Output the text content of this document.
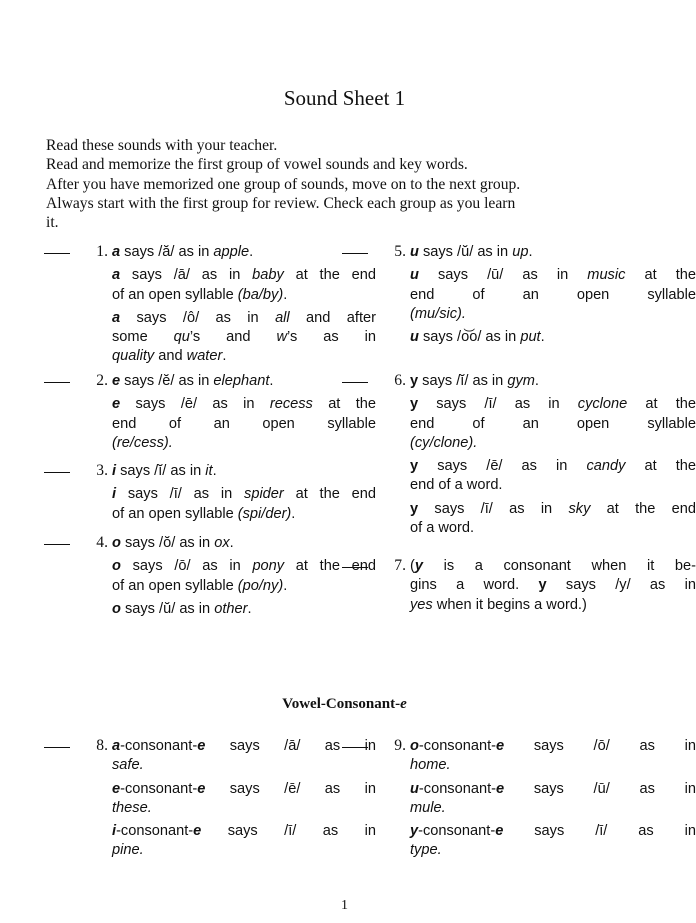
Sound Sheet 1
Read these sounds with your teacher.
Read and memorize the first group of vowel sounds and key words.
After you have memorized one group of sounds, move on to the next group.
Always start with the first group for review. Check each group as you learn
it.
Vowel-Consonant-e
1
1. a says /ă/ as in apple.
a says /ā/ as in baby at the end
of an open syllable (ba/by).
a says /ô/ as in all and after
some qu’s and w’s as in
quality and water.
2. e says /ĕ/ as in elephant.
e says /ē/ as in recess at the
end of an open syllable
(re/cess).
3. i says /ĭ/ as in it.
i says /ī/ as in spider at the end
of an open syllable (spi/der).
4. o says /ŏ/ as in ox.
o says /ō/ as in pony at the end
of an open syllable (po/ny).
o says /ŭ/ as in other.
5. u says /ŭ/ as in up.
u says /ū/ as in music at the
end of an open syllable
(mu/sic).
u says /o͝o/ as in put.
6. y says /ĭ/ as in gym.
y says /ī/ as in cyclone at the
end of an open syllable
(cy/clone).
y says /ē/ as in candy at the
end of a word.
y says /ī/ as in sky at the end
of a word.
7. (y is a consonant when it be-
gins a word. y says /y/ as in
yes when it begins a word.)
8. a-consonant-e says /ā/ as in
safe.
e-consonant-e says /ē/ as in
these.
i-consonant-e says /ī/ as in
pine.
9. o-consonant-e says /ō/ as in
home.
u-consonant-e says /ū/ as in
mule.
y-consonant-e says /ī/ as in
type.
